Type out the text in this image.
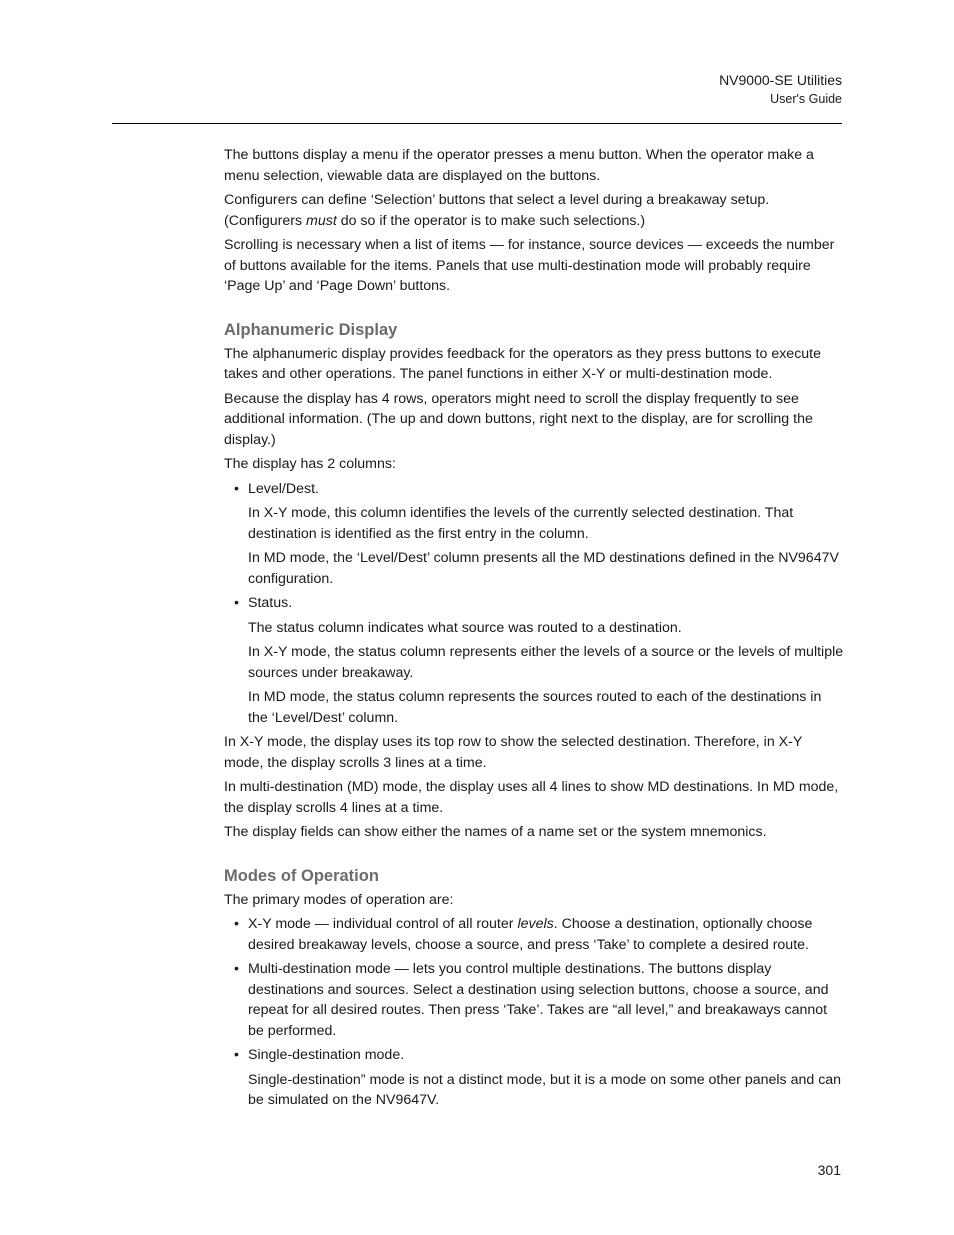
NV9000-SE Utilities
User's Guide

The buttons display a menu if the operator presses a menu button. When the operator make a menu selection, viewable data are displayed on the buttons.

Configurers can define ‘Selection’ buttons that select a level during a breakaway setup. (Configurers must do so if the operator is to make such selections.)

Scrolling is necessary when a list of items — for instance, source devices — exceeds the number of buttons available for the items. Panels that use multi-destination mode will probably require ‘Page Up’ and ‘Page Down’ buttons.

Alphanumeric Display

The alphanumeric display provides feedback for the operators as they press buttons to execute takes and other operations. The panel functions in either X-Y or multi-destination mode.

Because the display has 4 rows, operators might need to scroll the display frequently to see additional information. (The up and down buttons, right next to the display, are for scrolling the display.)

The display has 2 columns:

• Level/Dest.

In X-Y mode, this column identifies the levels of the currently selected destination. That destination is identified as the first entry in the column.

In MD mode, the ‘Level/Dest’ column presents all the MD destinations defined in the NV9647V configuration.

• Status.

The status column indicates what source was routed to a destination.

In X-Y mode, the status column represents either the levels of a source or the levels of multiple sources under breakaway.

In MD mode, the status column represents the sources routed to each of the destinations in the ‘Level/Dest’ column.

In X-Y mode, the display uses its top row to show the selected destination. Therefore, in X-Y mode, the display scrolls 3 lines at a time.

In multi-destination (MD) mode, the display uses all 4 lines to show MD destinations. In MD mode, the display scrolls 4 lines at a time.

The display fields can show either the names of a name set or the system mnemonics.

Modes of Operation

The primary modes of operation are:

• X-Y mode — individual control of all router levels. Choose a destination, optionally choose desired breakaway levels, choose a source, and press ‘Take’ to complete a desired route.
• Multi-destination mode — lets you control multiple destinations. The buttons display destinations and sources. Select a destination using selection buttons, choose a source, and repeat for all desired routes. Then press ‘Take’. Takes are “all level,” and breakaways cannot be performed.
• Single-destination mode.

Single-destination” mode is not a distinct mode, but it is a mode on some other panels and can be simulated on the NV9647V.

301
